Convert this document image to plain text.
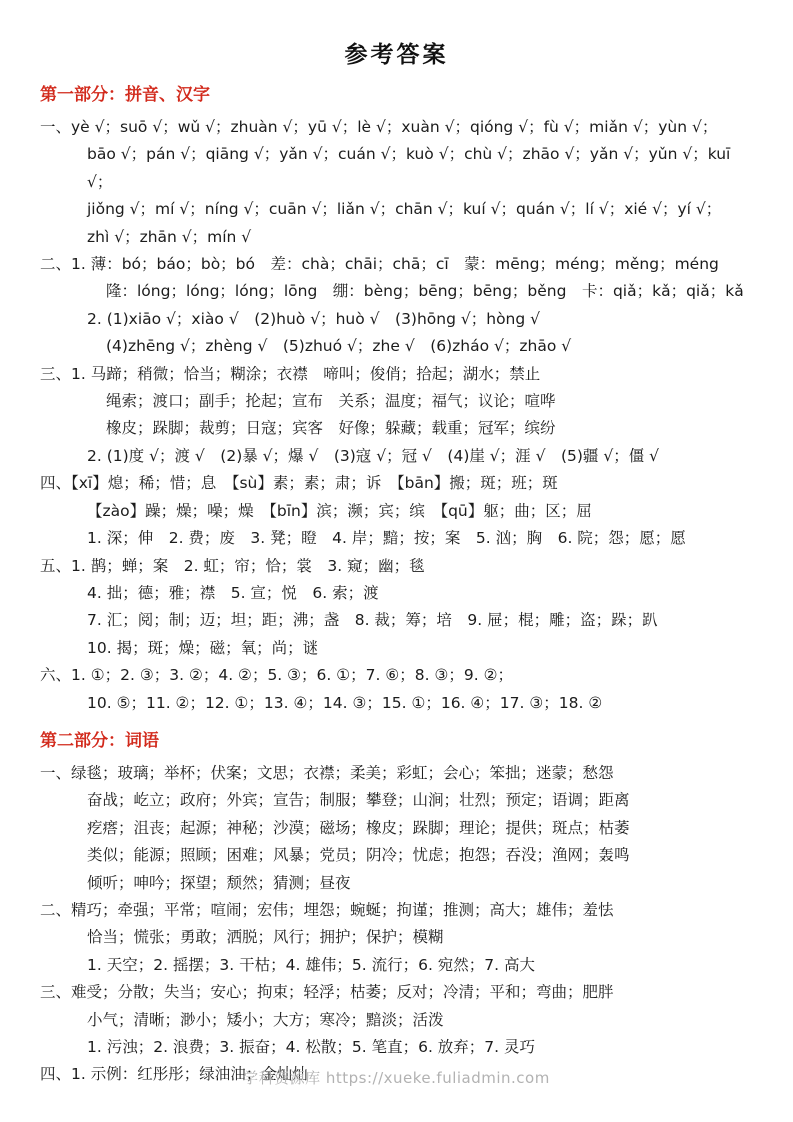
参考答案
第一部分：拼音、汉字
一、yè √；suō √；wǔ √；zhuàn √；yū √；lè √；xuàn √；qióng √；fù √；miǎn √；yùn √；
bāo √；pán √；qiāng √；yǎn √；cuán √；kuò √；chù √；zhāo √；yǎn √；yǔn √；kuī √；
jiǒng √；mí √；níng √；cuān √；liǎn √；chān √；kuí √；quán √；lí √；xié √；yí √；
zhì √；zhān √；mín √
二、1. 薄：bó；báo；bò；bó　差：chà；chāi；chā；cī　蒙：mēng；méng；měng；méng
隆：lóng；lóng；lóng；lōng　绷：bèng；bēng；bēng；běng　卡：qiǎ；kǎ；qiǎ；kǎ
2. (1)xiāo √；xiào √　(2)huò √；huò √　(3)hōng √；hòng √
(4)zhēng √；zhèng √　(5)zhuó √；zhe √　(6)zháo √；zhāo √
三、1. 马蹄；稍微；恰当；糊涂；衣襟　啼叫；俊俏；拾起；湖水；禁止
绳索；渡口；副手；抡起；宣布　关系；温度；福气；议论；喧哗
橡皮；跺脚；裁剪；日寇；宾客　好像；躲藏；载重；冠军；缤纷
2. (1)度 √；渡 √　(2)暴 √；爆 √　(3)寇 √；冠 √　(4)崖 √；涯 √　(5)疆 √；僵 √
四、【xī】熄；稀；惜；息　【sù】素；素；肃；诉　【bān】搬；斑；班；斑
【zào】躁；燥；噪；燥　【bīn】滨；濒；宾；缤　【qū】躯；曲；区；屈
1. 深；伸　2. 费；废　3. 凳；瞪　4. 岸；黯；按；案　5. 汹；胸　6. 院；怨；愿；愿
五、1. 鹊；蝉；案　2. 虹；帘；恰；裳　3. 窥；幽；毯
4. 拙；德；雅；襟　5. 宣；悦　6. 索；渡
7. 汇；阅；制；迈；坦；距；沸；盏　8. 裁；筹；培　9. 屉；棍；雕；盗；跺；趴
10. 揭；斑；燥；磁；氧；尚；谜
六、1. ①；2. ③；3. ②；4. ②；5. ③；6. ①；7. ⑥；8. ③；9. ②；
10. ⑤；11. ②；12. ①；13. ④；14. ③；15. ①；16. ④；17. ③；18. ②
第二部分：词语
一、绿毯；玻璃；举杯；伏案；文思；衣襟；柔美；彩虹；会心；笨拙；迷蒙；愁怨
奋战；屹立；政府；外宾；宣告；制服；攀登；山涧；壮烈；预定；语调；距离
疙瘩；沮丧；起源；神秘；沙漠；磁场；橡皮；跺脚；理论；提供；斑点；枯萎
类似；能源；照顾；困难；风暴；党员；阴冷；忧虑；抱怨；吞没；渔网；轰鸣
倾听；呻吟；探望；颓然；猜测；昼夜
二、精巧；牵强；平常；喧闹；宏伟；埋怨；蜿蜒；拘谨；推测；高大；雄伟；羞怯
恰当；慌张；勇敢；洒脱；风行；拥护；保护；模糊
1. 天空；2. 摇摆；3. 干枯；4. 雄伟；5. 流行；6. 宛然；7. 高大
三、难受；分散；失当；安心；拘束；轻浮；枯萎；反对；冷清；平和；弯曲；肥胖
小气；清晰；渺小；矮小；大方；寒冷；黯淡；活泼
1. 污浊；2. 浪费；3. 振奋；4. 松散；5. 笔直；6. 放弃；7. 灵巧
四、1. 示例：红彤彤；绿油油；金灿灿
学科资源库 https://xueke.fuliadmin.com
